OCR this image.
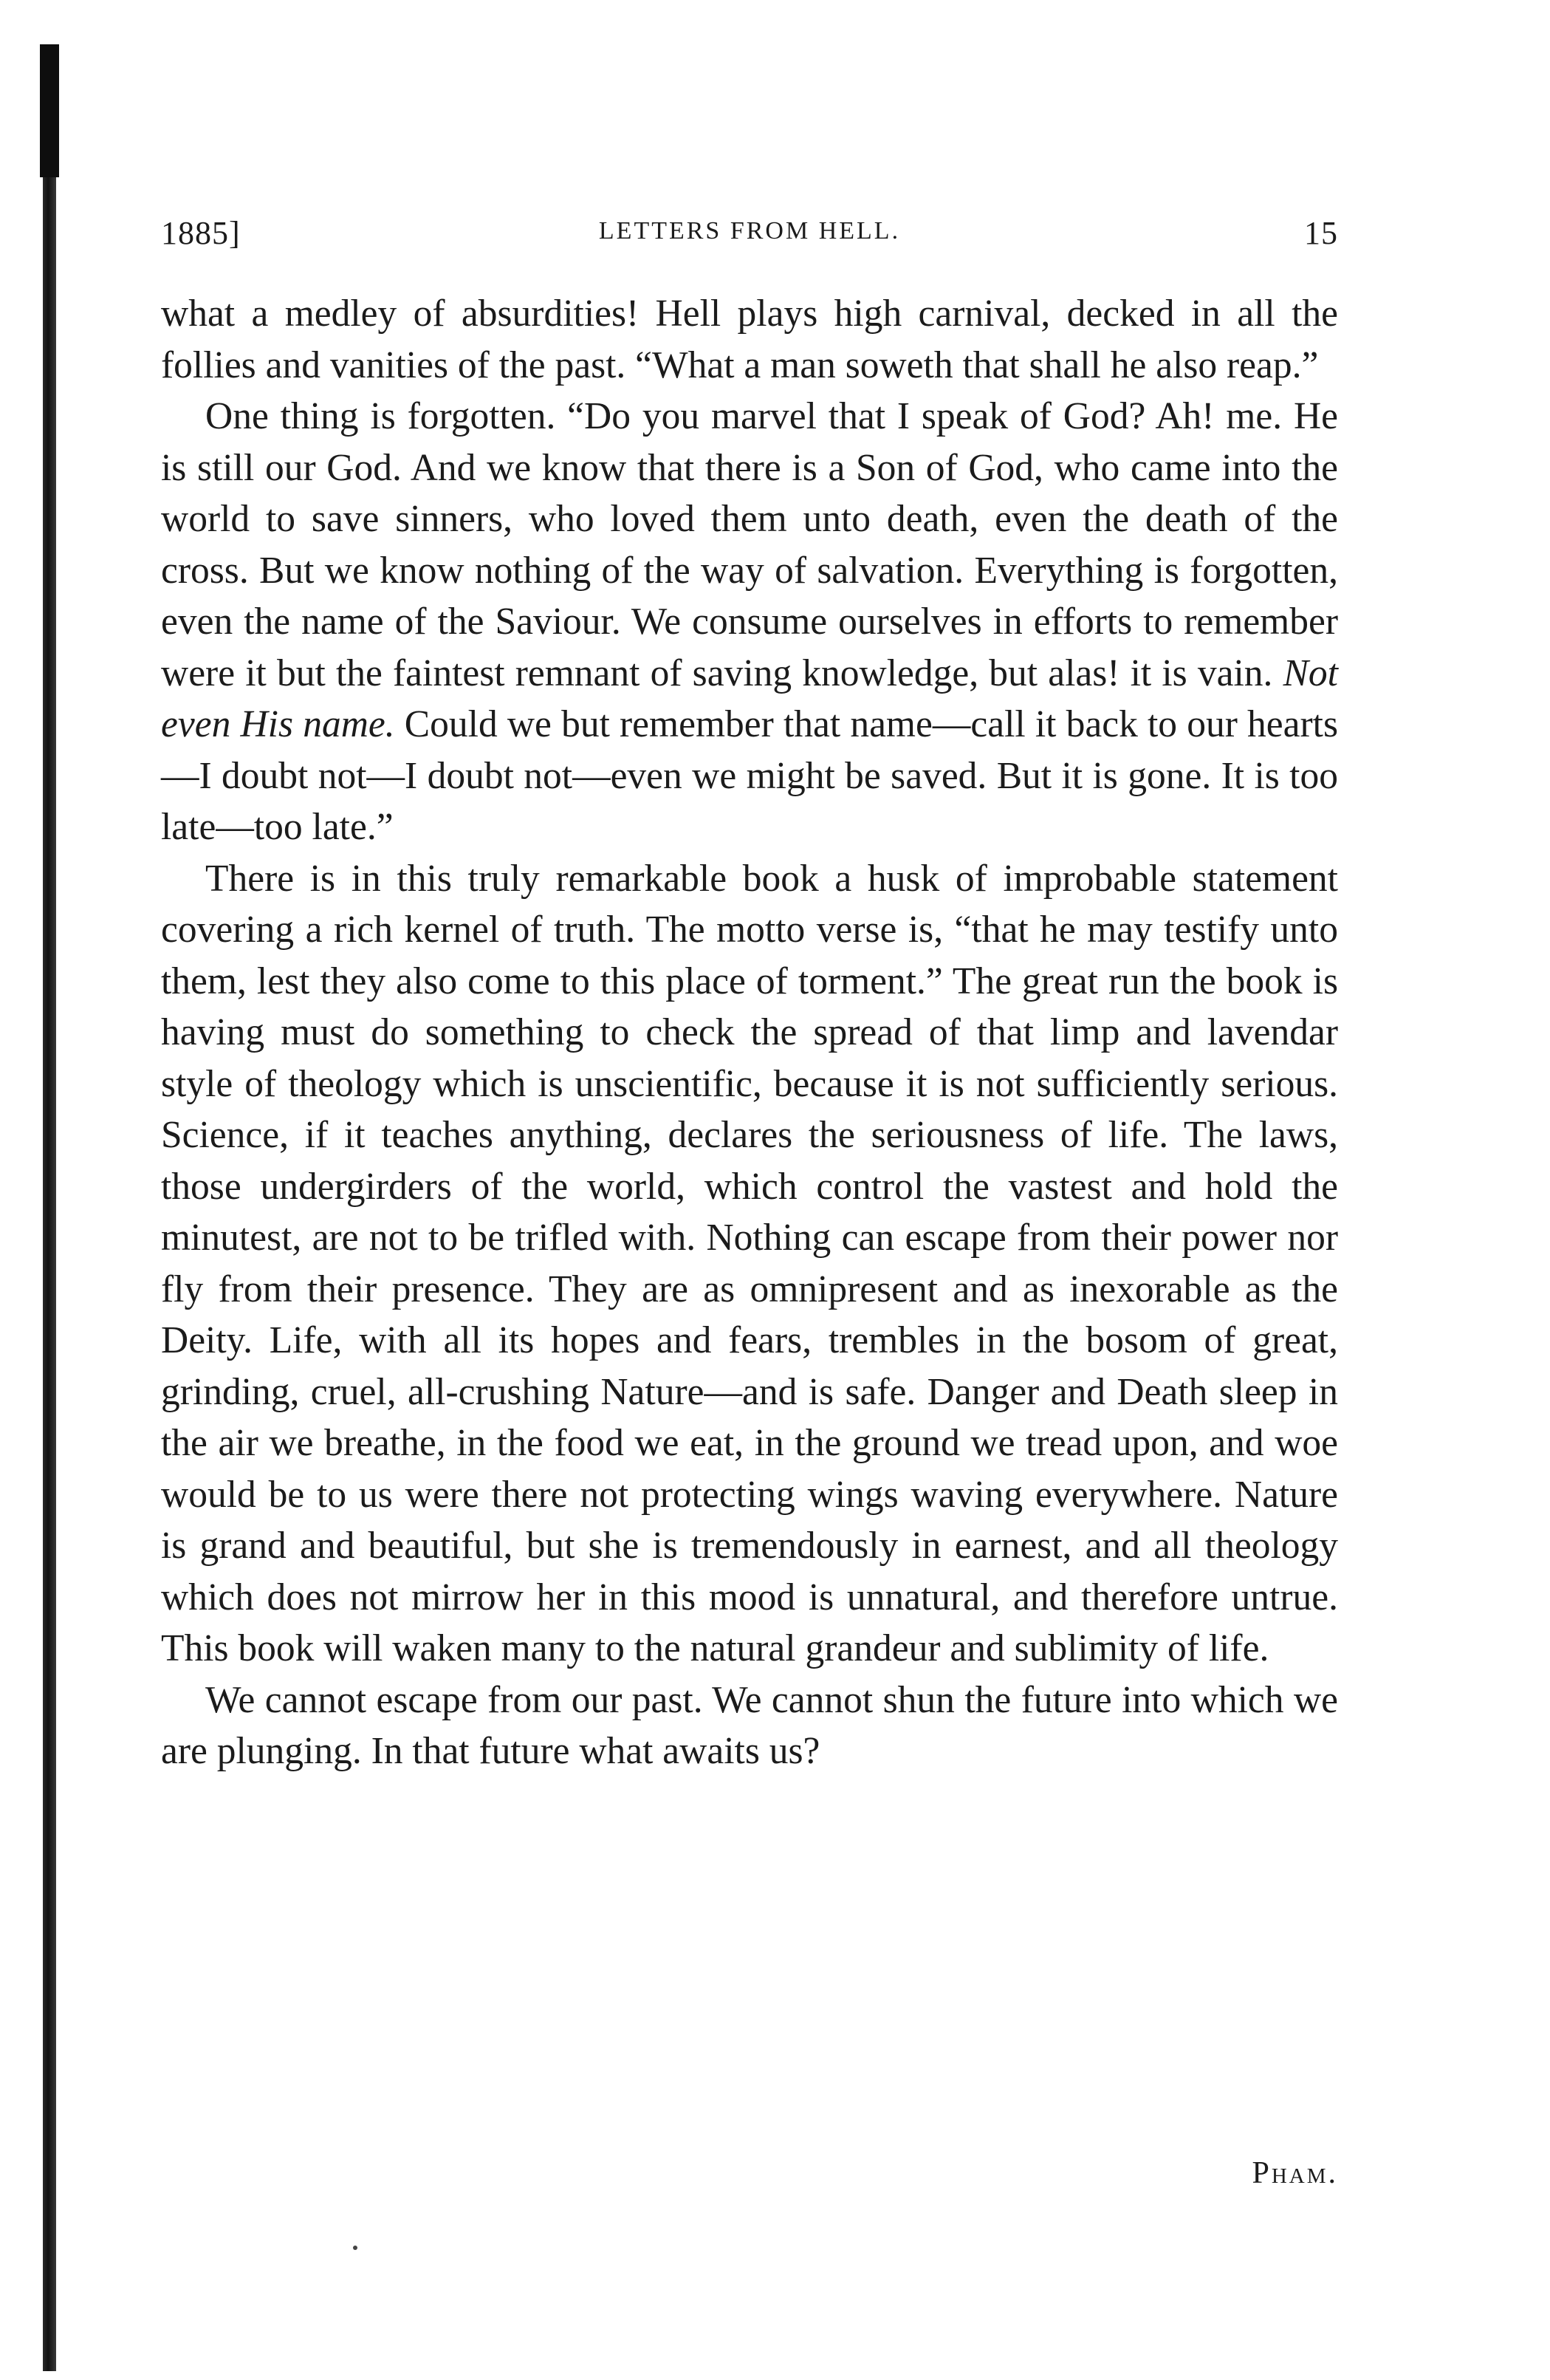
1885]	LETTERS FROM HELL.	15

what a medley of absurdities! Hell plays high carnival, decked in all the follies and vanities of the past. “What a man soweth that shall he also reap.”

One thing is forgotten. “Do you marvel that I speak of God? Ah! me. He is still our God. And we know that there is a Son of God, who came into the world to save sinners, who loved them unto death, even the death of the cross. But we know nothing of the way of salvation. Everything is forgotten, even the name of the Saviour. We consume ourselves in efforts to remember were it but the faintest remnant of saving knowledge, but alas! it is vain. Not even His name. Could we but remember that name—call it back to our hearts—I doubt not—I doubt not—even we might be saved. But it is gone. It is too late—too late.”

There is in this truly remarkable book a husk of improbable statement covering a rich kernel of truth. The motto verse is, “that he may testify unto them, lest they also come to this place of torment.” The great run the book is having must do something to check the spread of that limp and lavendar style of theology which is unscientific, because it is not sufficiently serious. Science, if it teaches anything, declares the seriousness of life. The laws, those undergirders of the world, which control the vastest and hold the minutest, are not to be trifled with. Nothing can escape from their power nor fly from their presence. They are as omnipresent and as inexorable as the Deity. Life, with all its hopes and fears, trembles in the bosom of great, grinding, cruel, all-crushing Nature—and is safe. Danger and Death sleep in the air we breathe, in the food we eat, in the ground we tread upon, and woe would be to us were there not protecting wings waving everywhere. Nature is grand and beautiful, but she is tremendously in earnest, and all theology which does not mirrow her in this mood is unnatural, and therefore untrue. This book will waken many to the natural grandeur and sublimity of life.

We cannot escape from our past. We cannot shun the future into which we are plunging. In that future what awaits us?

Pham.
